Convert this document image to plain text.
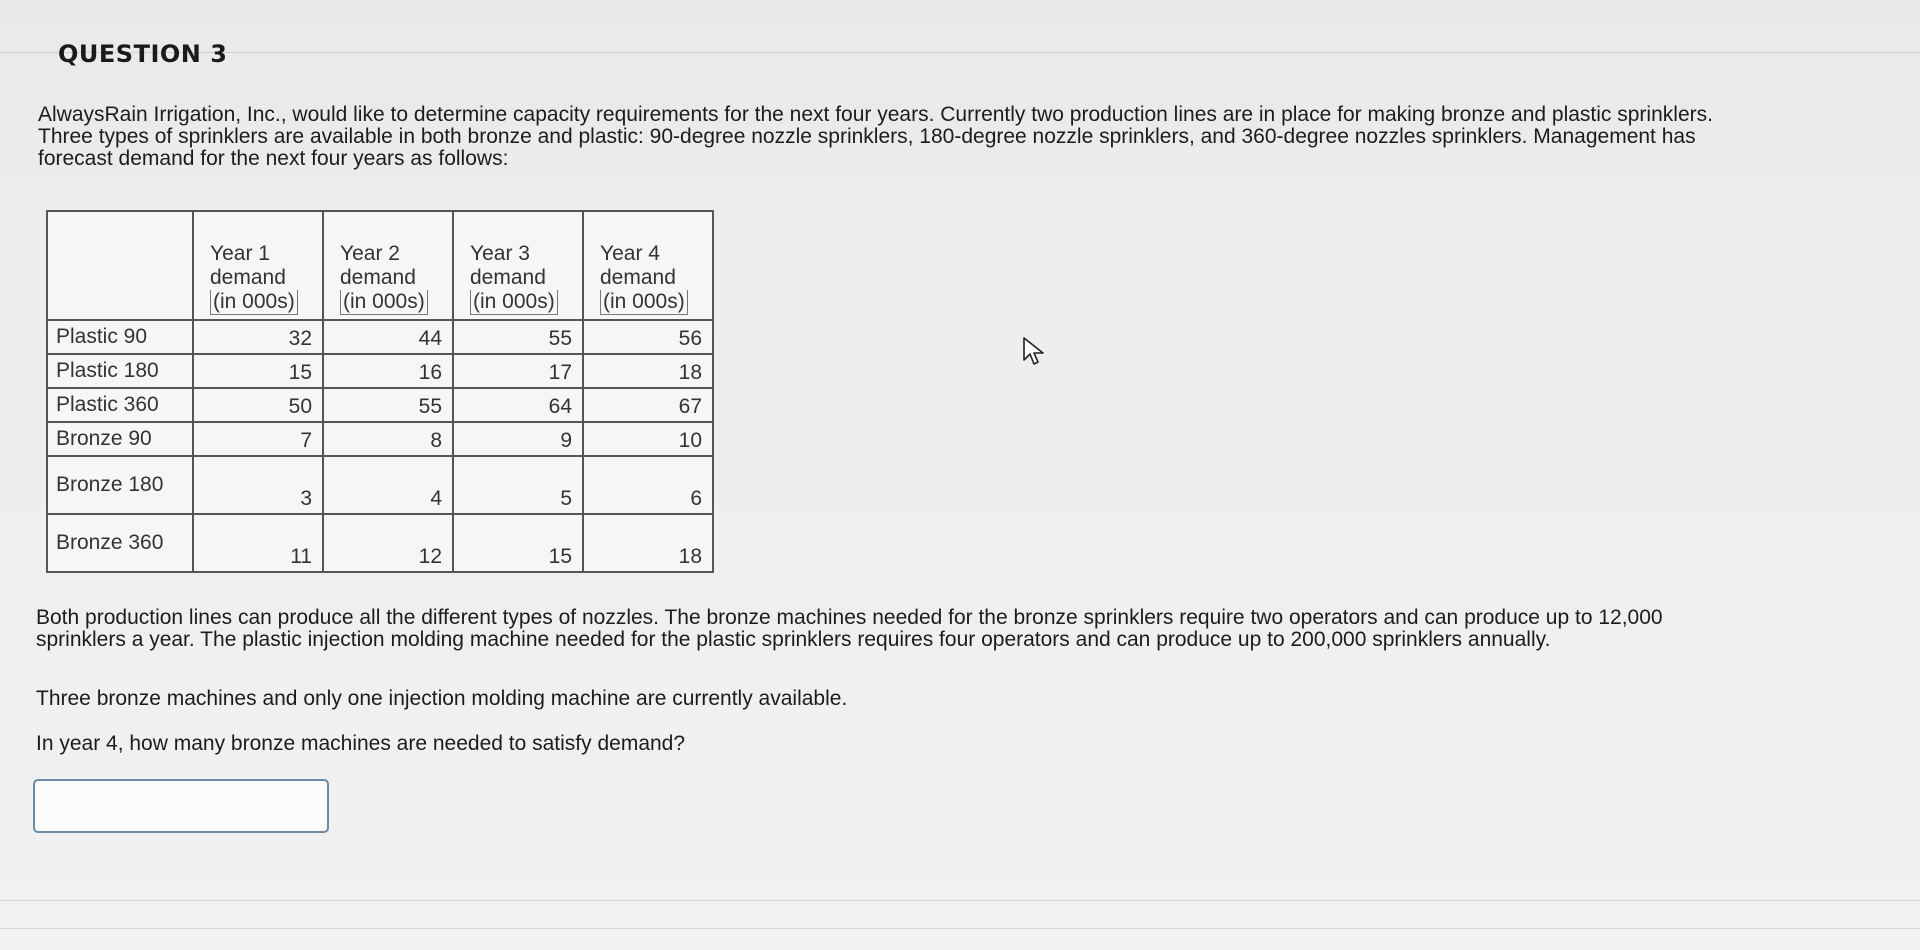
QUESTION 3

AlwaysRain Irrigation, Inc., would like to determine capacity requirements for the next four years. Currently two production lines are in place for making bronze and plastic sprinklers.

Three types of sprinklers are available in both bronze and plastic: 90-degree nozzle sprinklers, 180-degree nozzle sprinklers, and 360-degree nozzles sprinklers. Management has

forecast demand for the next four years as follows:

	Year 1
demand
(in 000s)	Year 2
demand
(in 000s)	Year 3
demand
(in 000s)	Year 4
demand
(in 000s)
Plastic 90	32	44	55	56
Plastic 180	15	16	17	18
Plastic 360	50	55	64	67
Bronze 90	7	8	9	10
Bronze 180	3	4	5	6
Bronze 360	11	12	15	18
Both production lines can produce all the different types of nozzles. The bronze machines needed for the bronze sprinklers require two operators and can produce up to 12,000
sprinklers a year. The plastic injection molding machine needed for the plastic sprinklers requires four operators and can produce up to 200,000 sprinklers annually.
Three bronze machines and only one injection molding machine are currently available.
In year 4, how many bronze machines are needed to satisfy demand?
